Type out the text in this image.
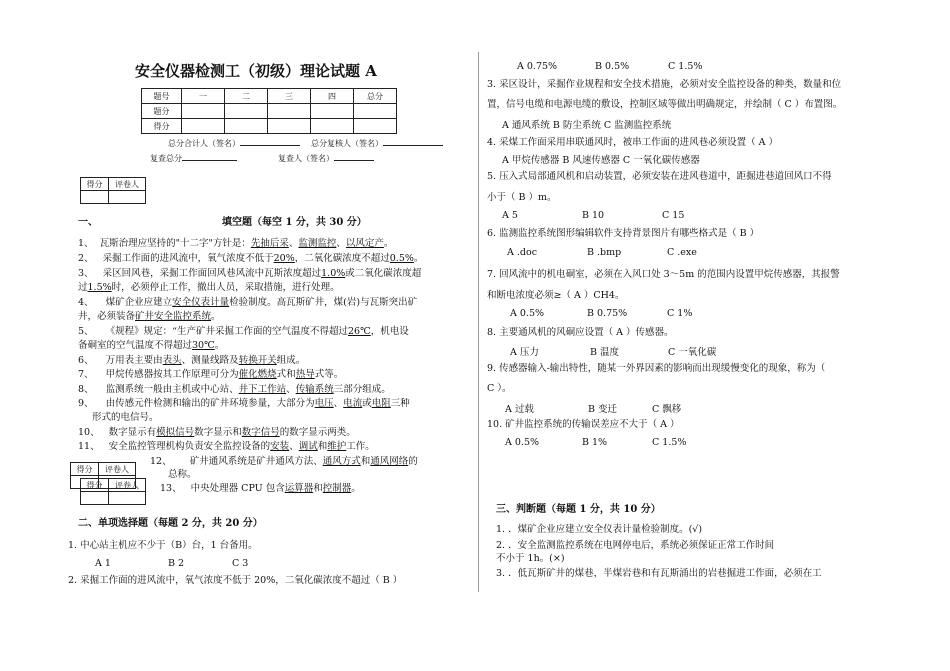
安全仪器检测工（初级）理论试题 A
题号	一	二	三	四	总分
题分					
得分					
总分合计人（签名）	总分复核人（签名）
复查总分	复查人（签名）
得分	评卷人

一、	填空题（每空 1 分，共 30 分）
1、 瓦斯治理应坚持的"十二字"方针是：先抽后采、监测监控、以风定产。
2、 采掘工作面的进风流中，氧气浓度不低于20%，二氧化碳浓度不超过0.5%。
3、 采区回风巷，采掘工作面回风巷风流中瓦斯浓度超过1.0%或二氧化碳浓度超
过1.5%时，必须停止工作，撤出人员，采取措施，进行处理。
4、 煤矿企业应建立安全仪表计量检验制度。高瓦斯矿井，煤(岩)与瓦斯突出矿
井，必须装备矿井安全监控系统。
5、 《规程》规定：“生产矿井采掘工作面的空气温度不得超过26℃，机电设
备硐室的空气温度不得超过30℃。
6、 万用表主要由表头、测量线路及转换开关组成。
7、 甲烷传感器按其工作原理可分为催化燃烧式和热导式等。
8、 监测系统一般由主机或中心站、井下工作站、传输系统三部分组成。
9、 由传感元件检测和输出的矿井环境参量，大部分为电压、电流或电阻三种
形式的电信号。
10、 数字显示有模拟信号数字显示和数字信号的数字显示两类。
11、 安全监控管理机构负责安全监控设备的安装、调试和维护工作。
12、 矿井通风系统是矿井通风方法、通风方式和通风网络的
总称。
得分	评卷人

得分	评卷人
	13、 中央处理器 CPU 包含运算器和控制器。
二、单项选择题（每题 2 分，共 20 分）
1. 中心站主机应不少于（B）台，1 台备用。
A 1	B 2	C 3
2. 采掘工作面的进风流中，氧气浓度不低于 20%，二氧化碳浓度不超过（ B ）
A 0.75%	B 0.5%	C 1.5%
3. 采区设计，采掘作业规程和安全技术措施，必须对安全监控设备的种类，数量和位
置，信号电缆和电源电缆的敷设，控制区域等做出明确规定，并绘制（ C ）布置图。
A 通风系统 B 防尘系统 C 监测监控系统
4. 采煤工作面采用串联通风时，被串工作面的进风巷必须设置（ A ）
A 甲烷传感器 B 风速传感器 C 一氧化碳传感器
5. 压入式局部通风机和启动装置，必须安装在进风巷道中，距掘进巷道回风口不得
小于（ B ）m。
A 5	B 10	C 15
6. 监测监控系统图形编辑软件支持背景图片有哪些格式是（ B ）
A .doc	B .bmp	C .exe
7. 回风流中的机电硐室，必须在入风口处 3～5m 的范围内设置甲烷传感器，其报警
和断电浓度必须≥（ A ）CH4。
A 0.5%	B 0.75%	C 1%
8. 主要通风机的风硐应设置（ A ）传感器。
A 压力	B 温度	C 一氧化碳
9. 传感器输入-输出特性，随某一外界因素的影响而出现缓慢变化的现象，称为（
C ）。
A 过载	B 变迁	C 飘移
10. 矿井监控系统的传输误差应不大于（ A ）
A 0.5%	B 1%	C 1.5%
三、判断题（每题 1 分，共 10 分）
1. ．煤矿企业应建立安全仪表计量检验制度。(√)
2. ．安全监测监控系统在电网停电后，系统必须保证正常工作时间
不小于 1h。(×)
3. ．低瓦斯矿井的煤巷，半煤岩巷和有瓦斯涌出的岩巷掘进工作面，必须在工
